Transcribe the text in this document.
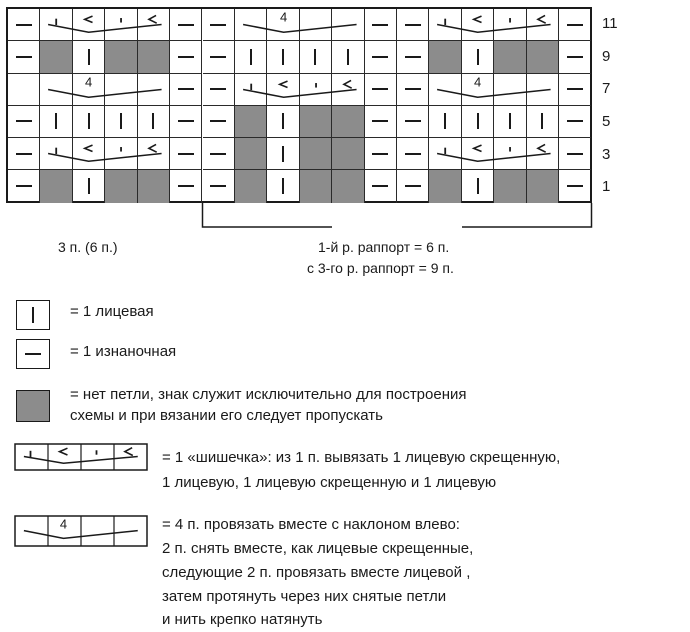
4
4	4
11
9
7
5
3
1
3 п. (6 п.)	1-й р. раппорт = 6 п.
с 3-го р. раппорт = 9 п.
= 1 лицевая
= 1 изнаночная
= нет петли, знак служит исключительно для построения
схемы и при вязании его следует пропускать
= 1 «шишечка»: из 1 п. вывязать 1 лицевую скрещенную,
1 лицевую, 1 лицевую скрещенную и 1 лицевую
4	= 4 п. провязать вместе с наклоном влево:
2 п. снять вместе, как лицевые скрещенные,
следующие 2 п. провязать вместе лицевой ,
затем протянуть через них снятые петли
и нить крепко натянуть
